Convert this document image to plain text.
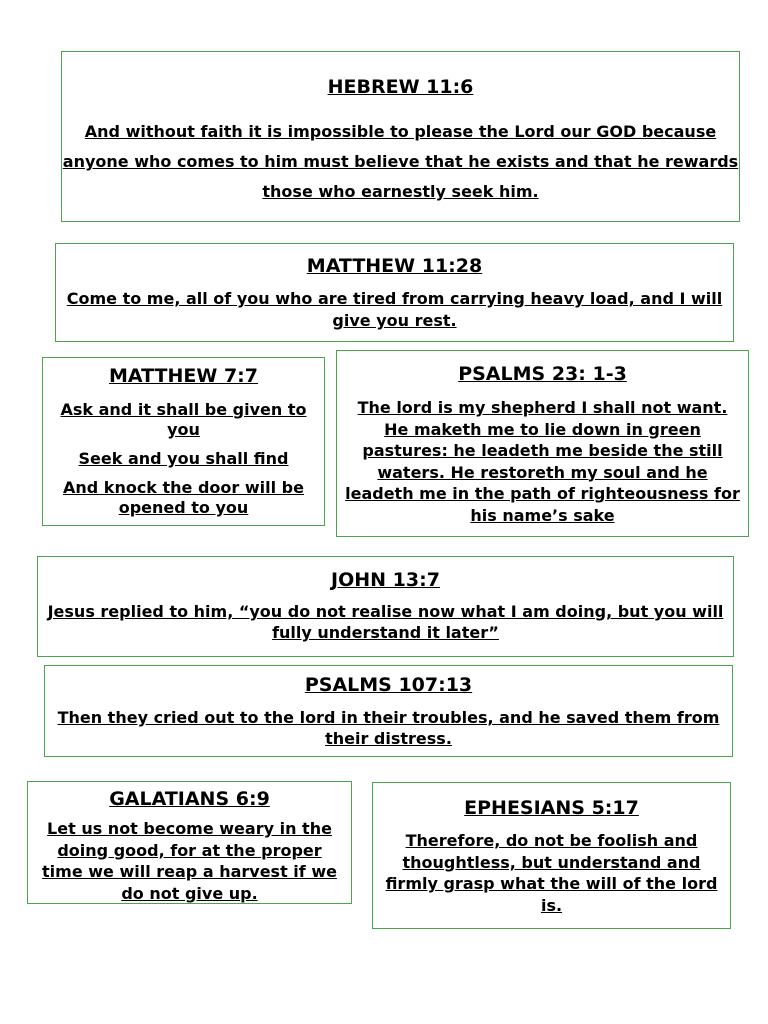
HEBREW 11:6

And without faith it is impossible to please the Lord our GOD because anyone who comes to him must believe that he exists and that he rewards those who earnestly seek him.

MATTHEW 11:28

Come to me, all of you who are tired from carrying heavy load, and I will give you rest.

MATTHEW 7:7

Ask and it shall be given to you

Seek and you shall find

And knock the door will be opened to you

PSALMS 23: 1-3

The lord is my shepherd I shall not want. He maketh me to lie down in green pastures: he leadeth me beside the still waters. He restoreth my soul and he leadeth me in the path of righteousness for his name’s sake

JOHN 13:7

Jesus replied to him, “you do not realise now what I am doing, but you will fully understand it later”

PSALMS 107:13

Then they cried out to the lord in their troubles, and he saved them from their distress.

GALATIANS 6:9

Let us not become weary in the doing good, for at the proper time we will reap a harvest if we do not give up.

EPHESIANS 5:17

Therefore, do not be foolish and thoughtless, but understand and firmly grasp what the will of the lord is.
